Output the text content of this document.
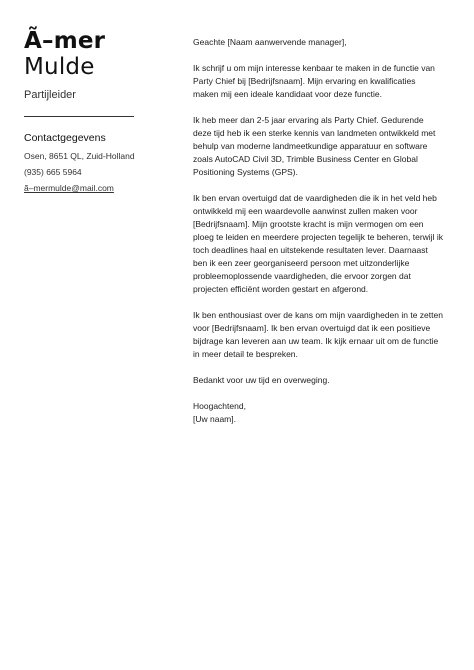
Ã–mer
Mulde
Partijleider
Contactgegevens
Osen, 8651 QL, Zuid-Holland
(935) 665 5964
ã–mermulde@mail.com

Geachte [Naam aanwervende manager],

Ik schrijf u om mijn interesse kenbaar te maken in de functie van Party Chief bij [Bedrijfsnaam]. Mijn ervaring en kwalificaties maken mij een ideale kandidaat voor deze functie.

Ik heb meer dan 2-5 jaar ervaring als Party Chief. Gedurende deze tijd heb ik een sterke kennis van landmeten ontwikkeld met behulp van moderne landmeetkundige apparatuur en software zoals AutoCAD Civil 3D, Trimble Business Center en Global Positioning Systems (GPS).

Ik ben ervan overtuigd dat de vaardigheden die ik in het veld heb ontwikkeld mij een waardevolle aanwinst zullen maken voor [Bedrijfsnaam]. Mijn grootste kracht is mijn vermogen om een ploeg te leiden en meerdere projecten tegelijk te beheren, terwijl ik toch deadlines haal en uitstekende resultaten lever. Daarnaast ben ik een zeer georganiseerd persoon met uitzonderlijke probleemoplossende vaardigheden, die ervoor zorgen dat projecten efficiënt worden gestart en afgerond.

Ik ben enthousiast over de kans om mijn vaardigheden in te zetten voor [Bedrijfsnaam]. Ik ben ervan overtuigd dat ik een positieve bijdrage kan leveren aan uw team. Ik kijk ernaar uit om de functie in meer detail te bespreken.

Bedankt voor uw tijd en overweging.

Hoogachtend,
[Uw naam].
